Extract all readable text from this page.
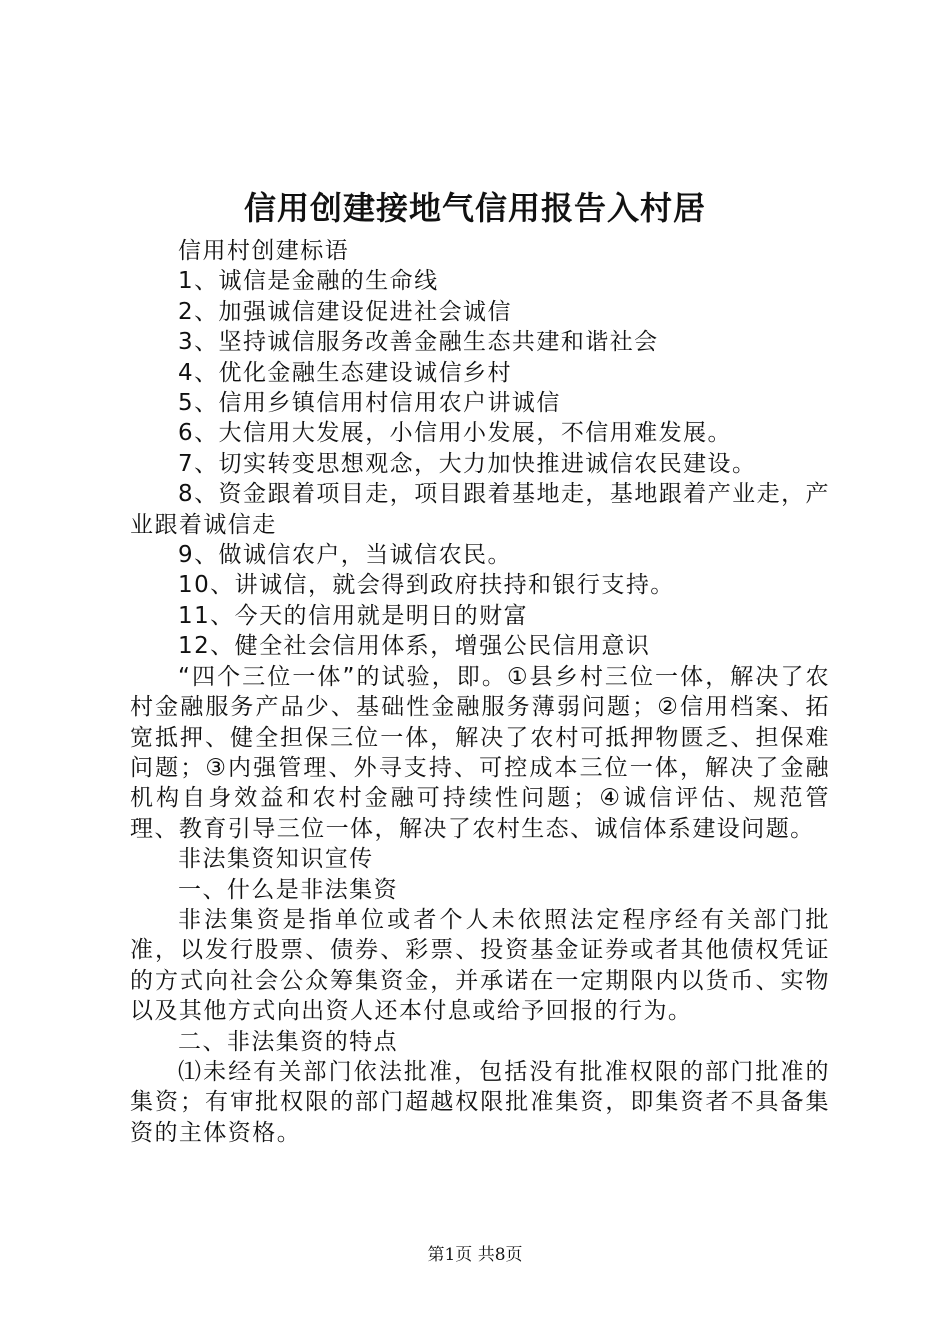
信用创建接地气信用报告入村居

信用村创建标语

1、诚信是金融的生命线

2、加强诚信建设促进社会诚信

3、坚持诚信服务改善金融生态共建和谐社会

4、优化金融生态建设诚信乡村

5、信用乡镇信用村信用农户讲诚信

6、大信用大发展，小信用小发展，不信用难发展。

7、切实转变思想观念，大力加快推进诚信农民建设。

8、资金跟着项目走，项目跟着基地走，基地跟着产业走，产业跟着诚信走

9、做诚信农户，当诚信农民。

10、讲诚信，就会得到政府扶持和银行支持。

11、今天的信用就是明日的财富

12、健全社会信用体系，增强公民信用意识

“四个三位一体”的试验，即。①县乡村三位一体，解决了农村金融服务产品少、基础性金融服务薄弱问题；②信用档案、拓宽抵押、健全担保三位一体，解决了农村可抵押物匮乏、担保难问题；③内强管理、外寻支持、可控成本三位一体，解决了金融机构自身效益和农村金融可持续性问题；④诚信评估、规范管理、教育引导三位一体，解决了农村生态、诚信体系建设问题。

非法集资知识宣传

一、什么是非法集资

非法集资是指单位或者个人未依照法定程序经有关部门批准，以发行股票、债券、彩票、投资基金证券或者其他债权凭证的方式向社会公众筹集资金，并承诺在一定期限内以货币、实物以及其他方式向出资人还本付息或给予回报的行为。

二、非法集资的特点

⑴未经有关部门依法批准，包括没有批准权限的部门批准的集资；有审批权限的部门超越权限批准集资，即集资者不具备集资的主体资格。

第1页 共8页
